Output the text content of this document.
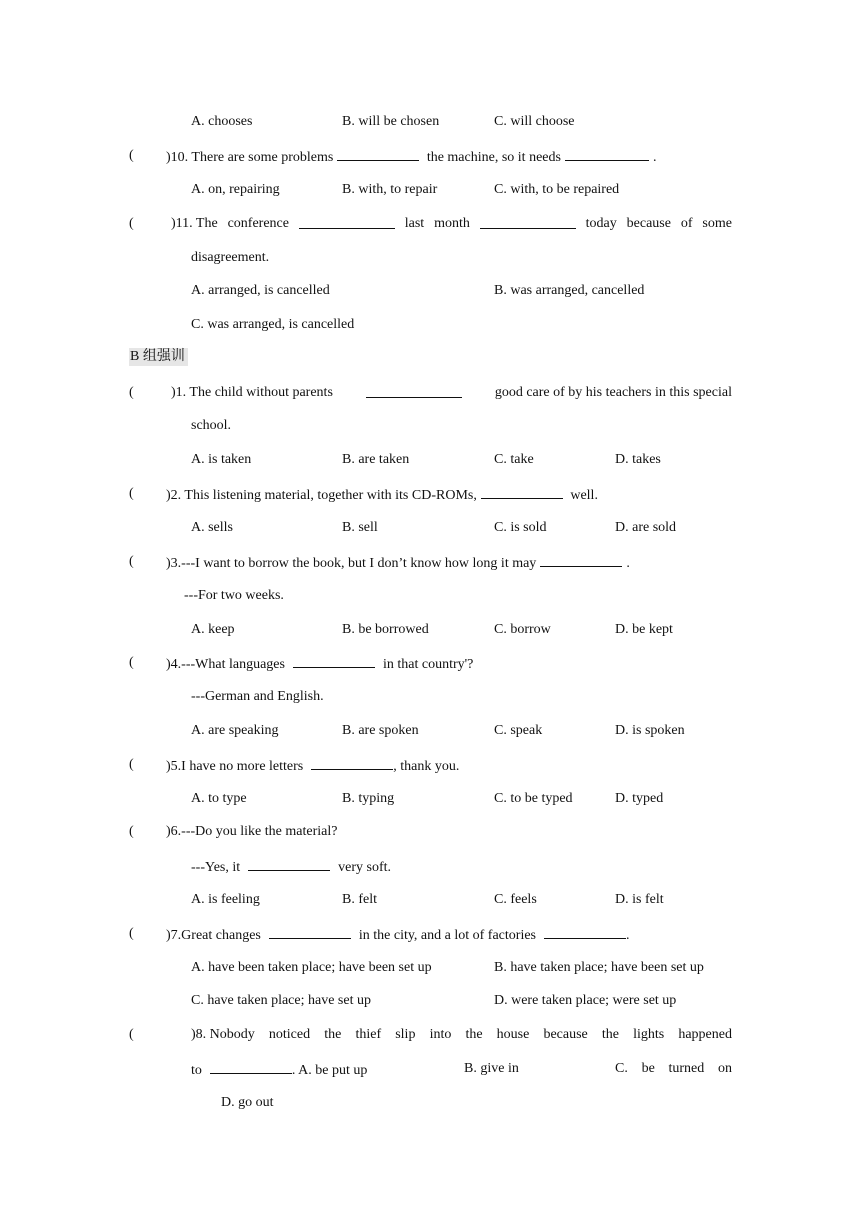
A. chooses	B. will be chosen	C. will choose
( )10. There are some problems	the machine, so it needs	.
A. on, repairing	B. with, to repair	C. with, to be repaired
(	)11. The conference	last month	today because of some
disagreement.
A. arranged, is cancelled	B. was arranged, cancelled
C. was arranged, is cancelled
B 组强训
(	)1. The child without parents	good care of by his teachers in this special
school.
A. is taken	B. are taken	C. take	D. takes
( )2. This listening material, together with its CD-ROMs,	well.
A. sells	B. sell	C. is sold	D. are sold
( )3.---I want to borrow the book, but I don’t know how long it may	.
---For two weeks.
A. keep	B. be borrowed	C. borrow	D. be kept
( )4.---What languages	in that country'?
---German and English.
A. are speaking	B. are spoken	C. speak	D. is spoken
( )5.I have no more letters	, thank you.
A. to type	B. typing	C. to be typed	D. typed
( )6.---Do you like the material?
---Yes, it	very soft.
A. is feeling	B. felt	C. feels	D. is felt
( )7.Great changes	in the city, and a lot of factories	.
A. have been taken place; have been set up	B. have taken place; have been set up
C. have taken place; have set up	D. were taken place; were set up
(	)8. Nobody noticed the thief slip into the house because the lights happened
to	. A. be put up	B. give in	C. be turned on
D. go out
